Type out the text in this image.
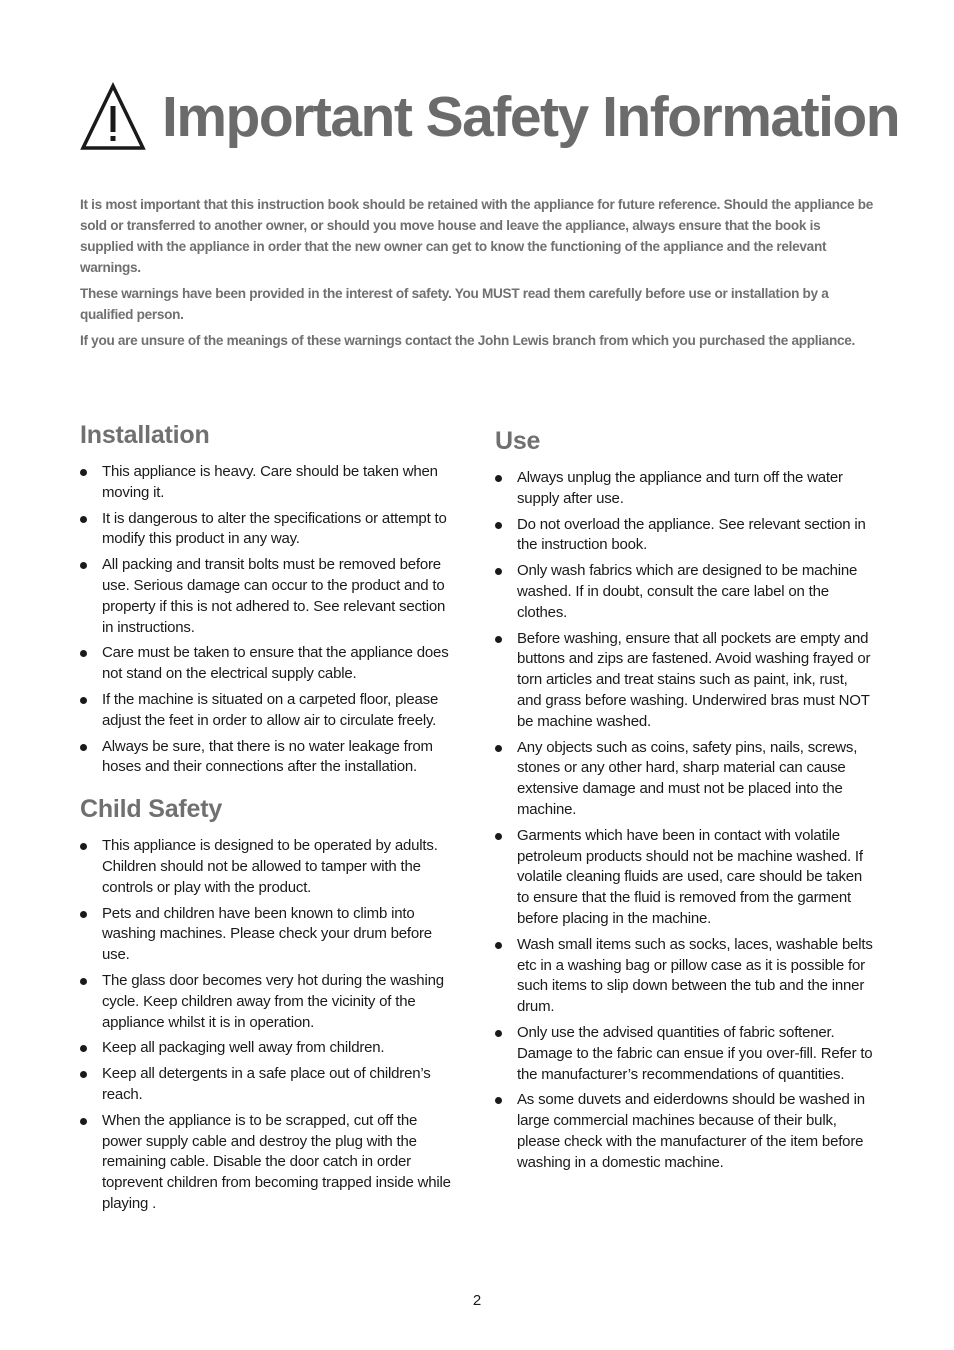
Important Safety Information

It is most important that this instruction book should be retained with the appliance for future reference. Should the appliance be sold or transferred to another owner, or should you move house and leave the appliance, always ensure that the book is supplied with the appliance in order that the new owner can get to know the functioning of the appliance and the relevant warnings.

These warnings have been provided in the interest of safety. You MUST read them carefully before use or installation by a qualified person.

If you are unsure of the meanings of these warnings contact the John Lewis branch from which you purchased the appliance.

Installation
This appliance is heavy. Care should be taken when moving it.
It is dangerous to alter the specifications or attempt to modify this product in any way.
All packing and transit bolts must be removed before use. Serious damage can occur to the product and to property if this is not adhered to. See relevant section in instructions.
Care must be taken to ensure that the appliance does not stand on the electrical supply cable.
If the machine is situated on a carpeted floor, please adjust the feet in order to allow air to circulate freely.
Always be sure, that there is no water leakage from hoses and their connections after the installation.
Child Safety
This appliance is designed to be operated by adults. Children should not be allowed to tamper with the controls or play with the product.
Pets and children have been known to climb into washing machines. Please check your drum before use.
The glass door becomes very hot during the washing cycle. Keep children away from the vicinity of the appliance whilst it is in operation.
Keep all packaging well away from children.
Keep all detergents in a safe place out of children’s reach.
When the appliance is to be scrapped, cut off the power supply cable and destroy the plug with the remaining cable. Disable the door catch in order toprevent children from becoming trapped inside while playing .
Use
Always unplug the appliance and turn off the water supply after use.
Do not overload the appliance. See relevant section in the instruction book.
Only wash fabrics which are designed to be machine washed. If in doubt, consult the care label on the clothes.
Before washing, ensure that all pockets are empty and buttons and zips are fastened. Avoid washing frayed or torn articles and treat stains such as paint, ink, rust, and grass before washing. Underwired bras must NOT be machine washed.
Any objects such as coins, safety pins, nails, screws, stones or any other hard, sharp material can cause extensive damage and must not be placed into the machine.
Garments which have been in contact with volatile petroleum products should not be machine washed. If volatile cleaning fluids are used, care should be taken to ensure that the fluid is removed from the garment before placing in the machine.
Wash small items such as socks, laces, washable belts etc in a washing bag or pillow case as it is possible for such items to slip down between the tub and the inner drum.
Only use the advised quantities of fabric softener. Damage to the fabric can ensue if you over-fill. Refer to the manufacturer’s recommendations of quantities.
As some duvets and eiderdowns should be washed in large commercial machines because of their bulk, please check with the manufacturer of the item before washing in a domestic machine.
2
